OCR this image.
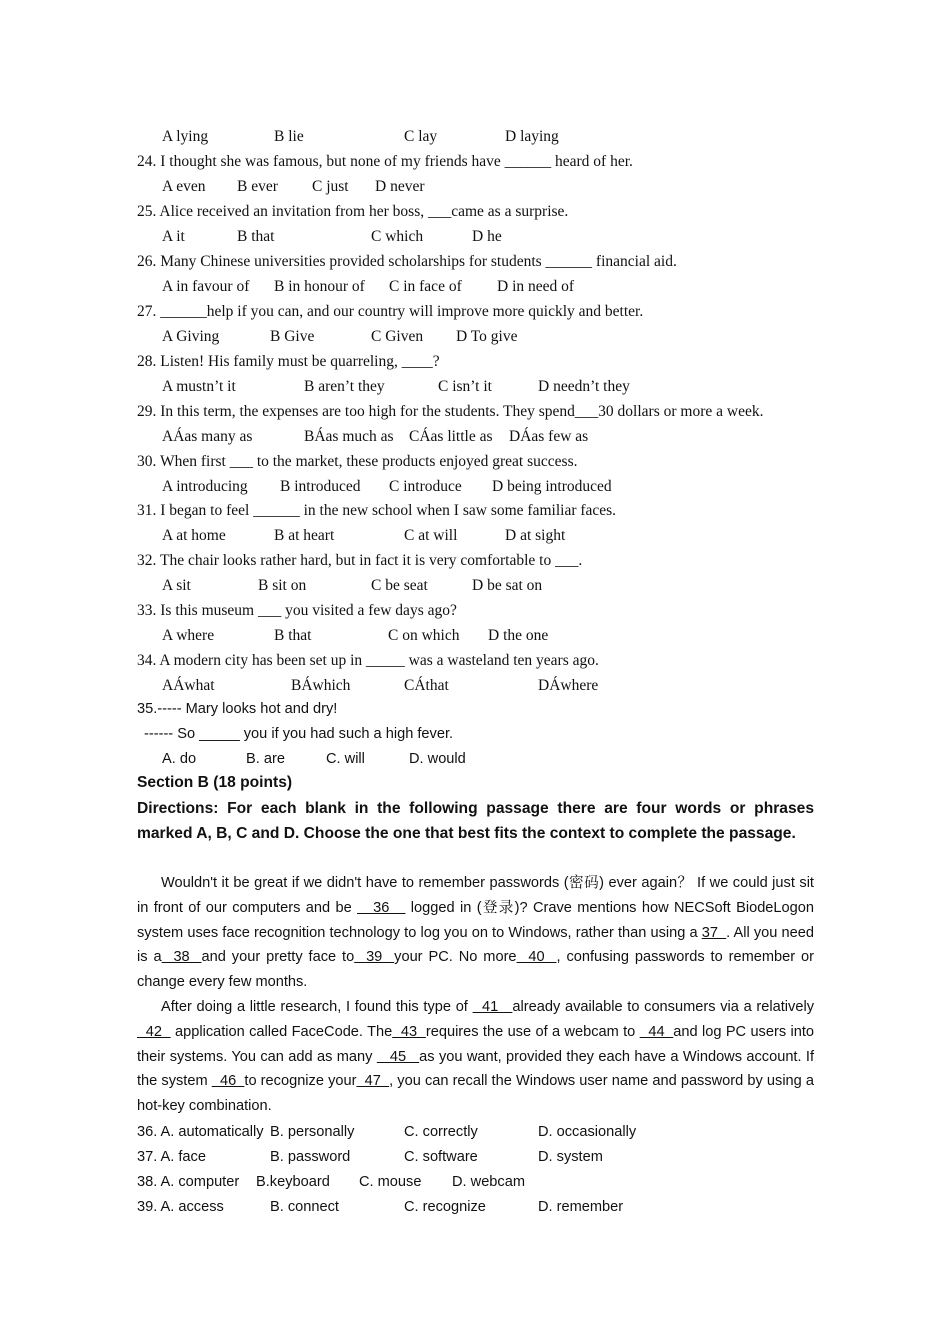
A lying	B lie	C lay	D laying
24. I thought she was famous, but none of my friends have ______ heard of her.
A even B ever C just D never
25. Alice received an invitation from her boss, ___came as a surprise.
A it	B that	C which	D he
26. Many Chinese universities provided scholarships for students ______ financial aid.
A in favour of B in honour of C in face of D in need of
27. ______help if you can, and our country will improve more quickly and better.
A Giving	B Give	C Given D To give
28. Listen! His family must be quarreling, ____?
A mustn’t it	B aren’t they	C isn’t it	D needn’t they
29. In this term, the expenses are too high for the students. They spend___30 dollars or more a week.
AÁas many as	BÁas much as CÁas little as DÁas few as
30. When first ___ to the market, these products enjoyed great success.
A introducing B introduced C introduce D being introduced
31. I began to feel ______ in the new school when I saw some familiar faces.
A at home	B at heart	C at will	D at sight
32. The chair looks rather hard, but in fact it is very comfortable to ___.
A sit	B sit on	C be seat	D be sat on
33. Is this museum ___ you visited a few days ago?
A where	B that	C on which D the one
34. A modern city has been set up in _____ was a wasteland ten years ago.
AÁwhat	BÁwhich	CÁthat	DÁwhere
35.----- Mary looks hot and dry!
------ So _____ you if you had such a high fever.
A. do	B. are	C. will	D. would
Section B (18 points)
Directions: For each blank in the following passage there are four words or phrases marked A, B, C and D. Choose the one that best fits the context to complete the passage.
Wouldn't it be great if we didn't have to remember passwords (密码) ever again？ If we could just sit in front of our computers and be    36    logged in (登录)? Crave mentions how NECSoft BiodeLogon system uses face recognition technology to log you on to Windows, rather than using a 37  . All you need is a  38  and your pretty face to  39  your PC. No more  40  , confusing passwords to remember or change every few months.
After doing a little research, I found this type of   41   already available to consumers via a relatively  42   application called FaceCode. The  43  requires the use of a webcam to   44  and log PC users into their systems. You can add as many    45   as you want, provided they each have a Windows account. If the system   46  to recognize your  47  , you can recall the Windows user name and password by using a hot-key combination.
36. A. automatically B. personally	C. correctly	D. occasionally
37. A. face	B. password	C. software	D. system
38. A. computer B.keyboard C. mouse D. webcam
39. A. access	B. connect	C. recognize	D. remember
